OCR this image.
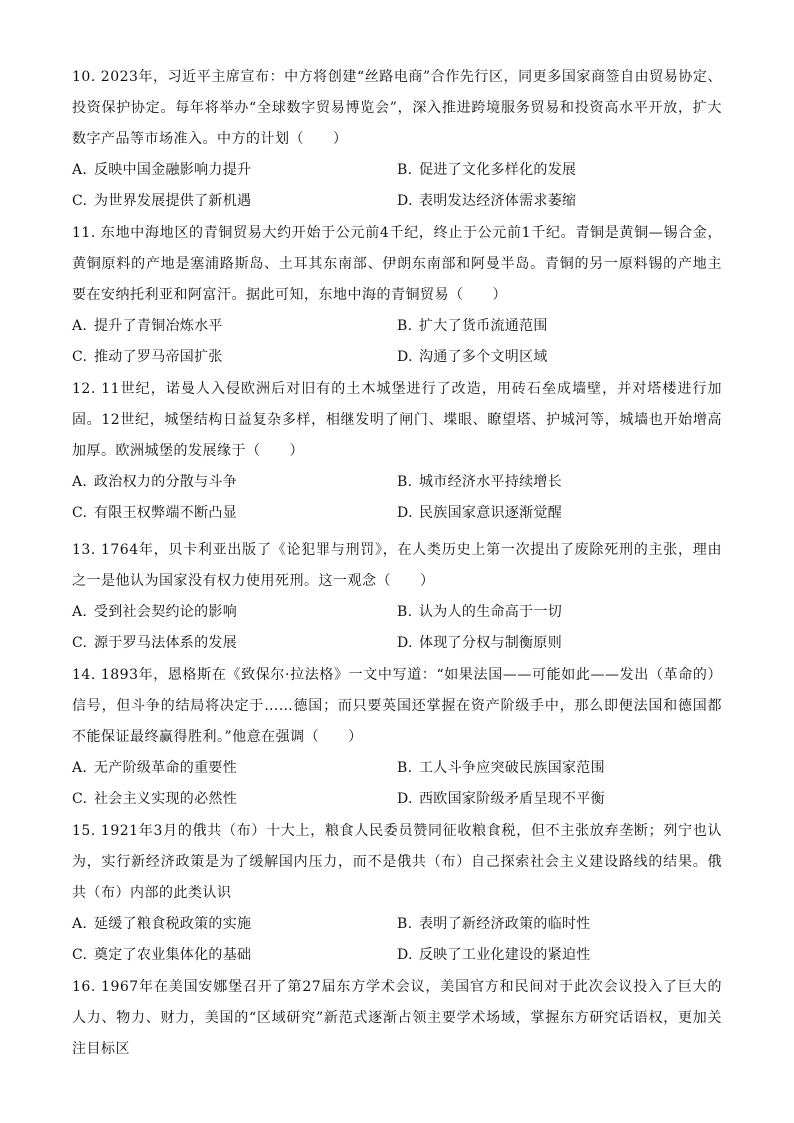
10. 2023年，习近平主席宣布：中方将创建“丝路电商”合作先行区，同更多国家商签自由贸易协定、投资保护协定。每年将举办“全球数字贸易博览会”，深入推进跨境服务贸易和投资高水平开放，扩大数字产品等市场准入。中方的计划（　　）

A. 反映中国金融影响力提升	B. 促进了文化多样化的发展
C. 为世界发展提供了新机遇	D. 表明发达经济体需求萎缩

11. 东地中海地区的青铜贸易大约开始于公元前4千纪，终止于公元前1千纪。青铜是黄铜—锡合金，黄铜原料的产地是塞浦路斯岛、土耳其东南部、伊朗东南部和阿曼半岛。青铜的另一原料锡的产地主要在安纳托利亚和阿富汗。据此可知，东地中海的青铜贸易（　　）

A. 提升了青铜冶炼水平	B. 扩大了货币流通范围
C. 推动了罗马帝国扩张	D. 沟通了多个文明区域

12. 11世纪，诺曼人入侵欧洲后对旧有的土木城堡进行了改造，用砖石垒成墙壁，并对塔楼进行加固。12世纪，城堡结构日益复杂多样，相继发明了闸门、堞眼、瞭望塔、护城河等，城墙也开始增高加厚。欧洲城堡的发展缘于（　　）

A. 政治权力的分散与斗争	B. 城市经济水平持续增长
C. 有限王权弊端不断凸显	D. 民族国家意识逐渐觉醒

13. 1764年，贝卡利亚出版了《论犯罪与刑罚》，在人类历史上第一次提出了废除死刑的主张，理由之一是他认为国家没有权力使用死刑。这一观念（　　）

A. 受到社会契约论的影响	B. 认为人的生命高于一切
C. 源于罗马法体系的发展	D. 体现了分权与制衡原则

14. 1893年，恩格斯在《致保尔·拉法格》一文中写道：“如果法国——可能如此——发出（革命的）信号，但斗争的结局将决定于……德国；而只要英国还掌握在资产阶级手中，那么即便法国和德国都不能保证最终赢得胜利。”他意在强调（　　）

A. 无产阶级革命的重要性	B. 工人斗争应突破民族国家范围
C. 社会主义实现的必然性	D. 西欧国家阶级矛盾呈现不平衡

15. 1921年3月的俄共（布）十大上，粮食人民委员赞同征收粮食税，但不主张放弃垄断；列宁也认为，实行新经济政策是为了缓解国内压力，而不是俄共（布）自己探索社会主义建设路线的结果。俄共（布）内部的此类认识

A. 延缓了粮食税政策的实施	B. 表明了新经济政策的临时性
C. 奠定了农业集体化的基础	D. 反映了工业化建设的紧迫性

16. 1967年在美国安娜堡召开了第27届东方学术会议，美国官方和民间对于此次会议投入了巨大的人力、物力、财力，美国的“区域研究”新范式逐渐占领主要学术场域，掌握东方研究话语权，更加关注目标区
